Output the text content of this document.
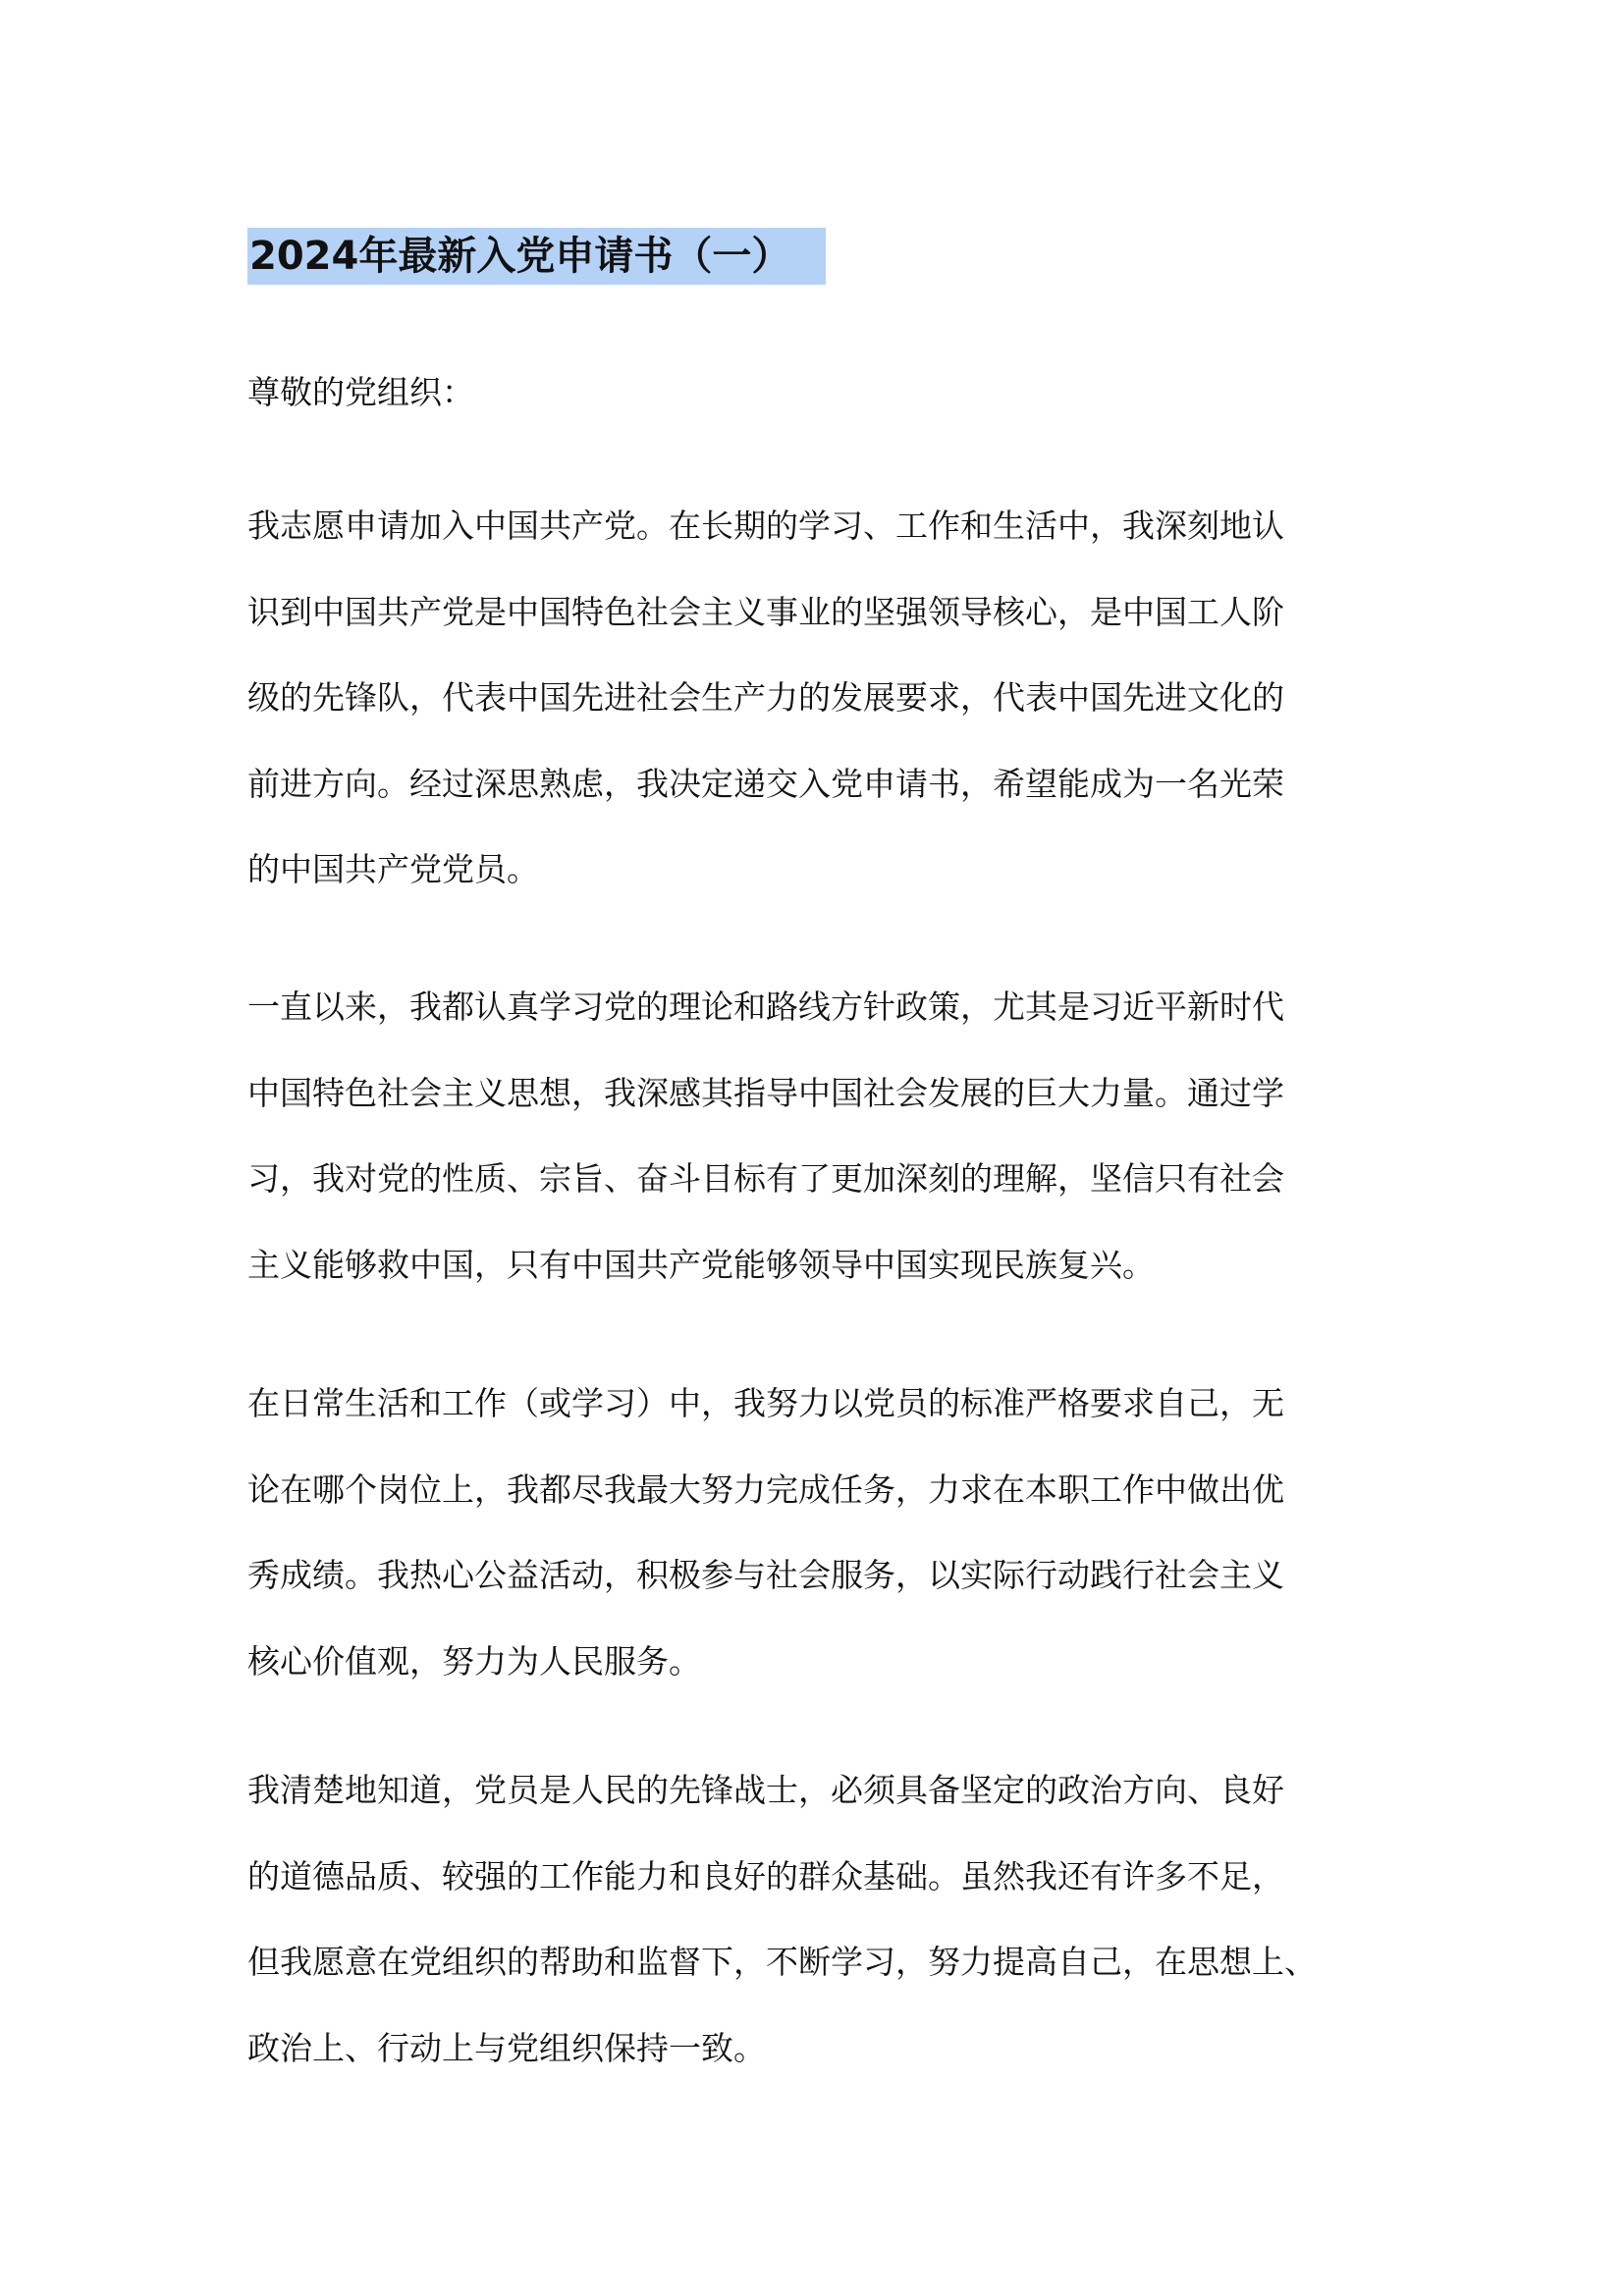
2024年最新入党申请书（一）
尊敬的党组织：
我志愿申请加入中国共产党。在长期的学习、工作和生活中，我深刻地认
识到中国共产党是中国特色社会主义事业的坚强领导核心，是中国工人阶
级的先锋队，代表中国先进社会生产力的发展要求，代表中国先进文化的
前进方向。经过深思熟虑，我决定递交入党申请书，希望能成为一名光荣
的中国共产党党员。
一直以来，我都认真学习党的理论和路线方针政策，尤其是习近平新时代
中国特色社会主义思想，我深感其指导中国社会发展的巨大力量。通过学
习，我对党的性质、宗旨、奋斗目标有了更加深刻的理解，坚信只有社会
主义能够救中国，只有中国共产党能够领导中国实现民族复兴。
在日常生活和工作（或学习）中，我努力以党员的标准严格要求自己，无
论在哪个岗位上，我都尽我最大努力完成任务，力求在本职工作中做出优
秀成绩。我热心公益活动，积极参与社会服务，以实际行动践行社会主义
核心价值观，努力为人民服务。
我清楚地知道，党员是人民的先锋战士，必须具备坚定的政治方向、良好
的道德品质、较强的工作能力和良好的群众基础。虽然我还有许多不足，
但我愿意在党组织的帮助和监督下，不断学习，努力提高自己，在思想上、
政治上、行动上与党组织保持一致。
